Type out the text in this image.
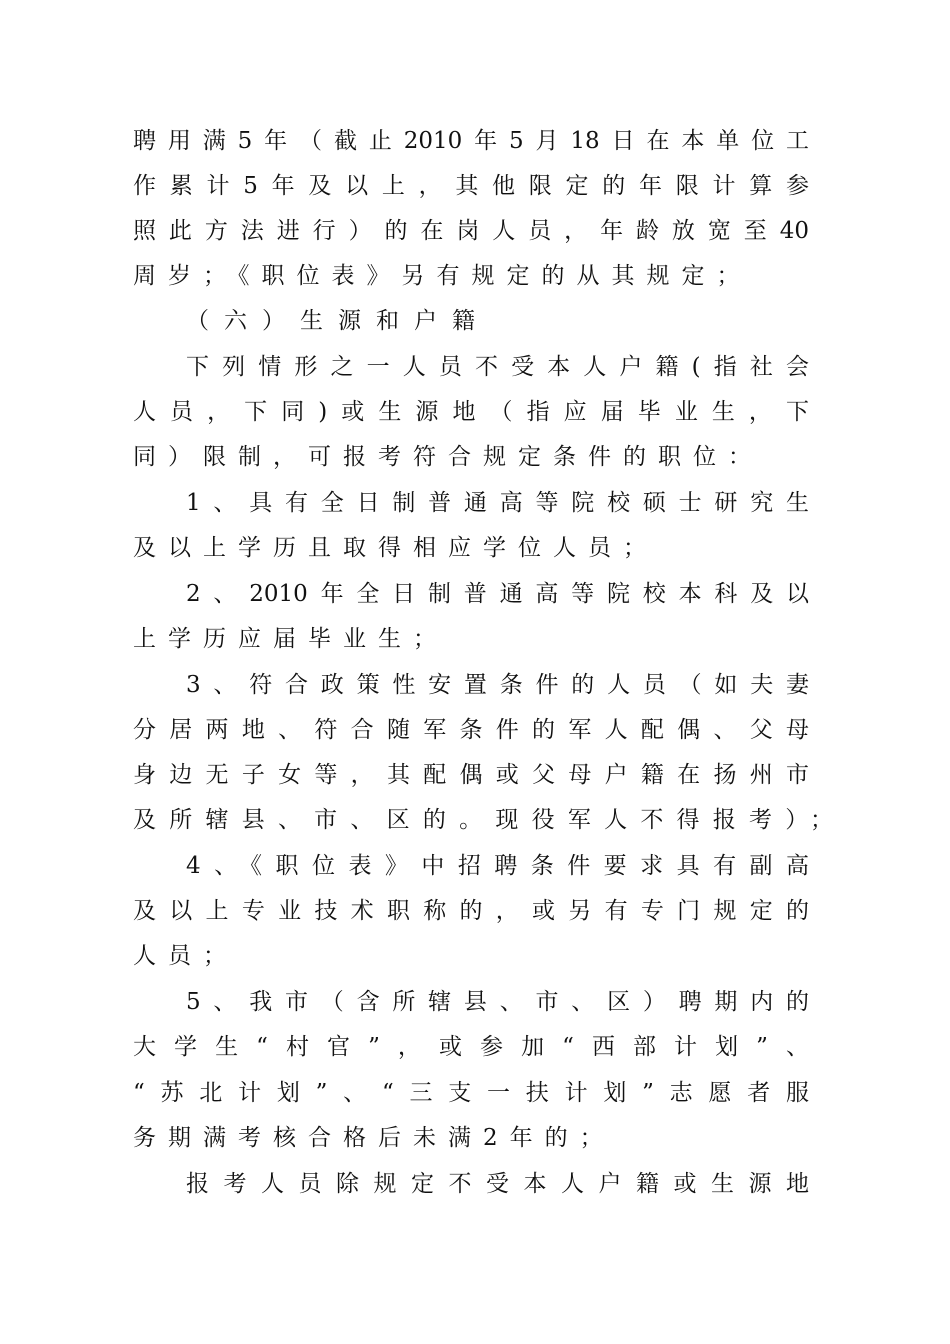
聘用满5年（截止2010年5月18日在本单位工
作累计5年及以上，其他限定的年限计算参
照此方法进行）的在岗人员，年龄放宽至40
周岁；《职位表》另有规定的从其规定；
（六）生源和户籍
下列情形之一人员不受本人户籍(指社会
人员，下同)或生源地（指应届毕业生，下
同）限制，可报考符合规定条件的职位：
1、具有全日制普通高等院校硕士研究生
及以上学历且取得相应学位人员；
2、2010年全日制普通高等院校本科及以
上学历应届毕业生；
3、符合政策性安置条件的人员（如夫妻
分居两地、符合随军条件的军人配偶、父母
身边无子女等，其配偶或父母户籍在扬州市
及所辖县、市、区的。现役军人不得报考）；
4、《职位表》中招聘条件要求具有副高
及以上专业技术职称的，或另有专门规定的
人员；
5、我市（含所辖县、市、区）聘期内的
大学生“村官”，或参加“西部计划”、
“苏北计划”、“三支一扶计划”志愿者服
务期满考核合格后未满2年的；
报考人员除规定不受本人户籍或生源地
